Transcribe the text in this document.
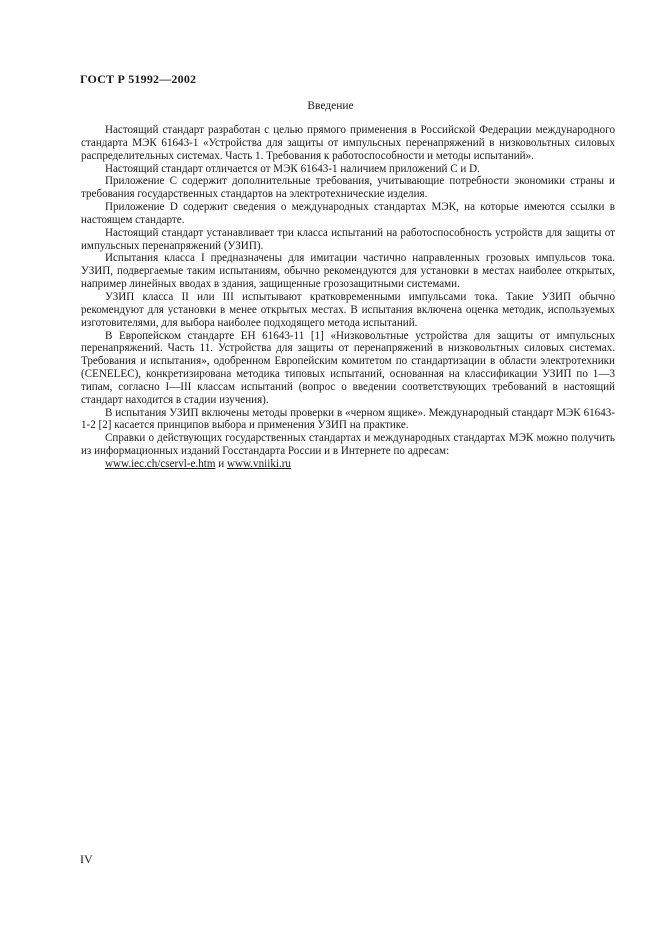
ГОСТ Р 51992—2002
Введение

Настоящий стандарт разработан с целью прямого применения в Российской Федерации международного стандарта МЭК 61643-1 «Устройства для защиты от импульсных перенапряжений в низковольтных силовых распределительных системах. Часть 1. Требования к работоспособности и методы испытаний».

Настоящий стандарт отличается от МЭК 61643-1 наличием приложений С и D.

Приложение С содержит дополнительные требования, учитывающие потребности экономики страны и требования государственных стандартов на электротехнические изделия.

Приложение D содержит сведения о международных стандартах МЭК, на которые имеются ссылки в настоящем стандарте.

Настоящий стандарт устанавливает три класса испытаний на работоспособность устройств для защиты от импульсных перенапряжений (УЗИП).

Испытания класса I предназначены для имитации частично направленных грозовых импульсов тока. УЗИП, подвергаемые таким испытаниям, обычно рекомендуются для установки в местах наиболее открытых, например линейных вводах в здания, защищенные грозозащитными системами.

УЗИП класса II или III испытывают кратковременными импульсами тока. Такие УЗИП обычно рекомендуют для установки в менее открытых местах. В испытания включена оценка методик, используемых изготовителями, для выбора наиболее подходящего метода испытаний.

В Европейском стандарте ЕН 61643-11 [1] «Низковольтные устройства для защиты от импульсных перенапряжений. Часть 11. Устройства для защиты от перенапряжений в низковольтных силовых системах. Требования и испытания», одобренном Европейским комитетом по стандартизации в области электротехники (CENELEC), конкретизирована методика типовых испытаний, основанная на классификации УЗИП по 1—3 типам, согласно I—III классам испытаний (вопрос о введении соответствующих требований в настоящий стандарт находится в стадии изучения).

В испытания УЗИП включены методы проверки в «черном ящике». Международный стандарт МЭК 61643-1-2 [2] касается принципов выбора и применения УЗИП на практике.

Справки о действующих государственных стандартах и международных стандартах МЭК можно получить из информационных изданий Госстандарта России и в Интернете по адресам:

www.iec.ch/cservl-e.htm и www.vniiki.ru

IV
